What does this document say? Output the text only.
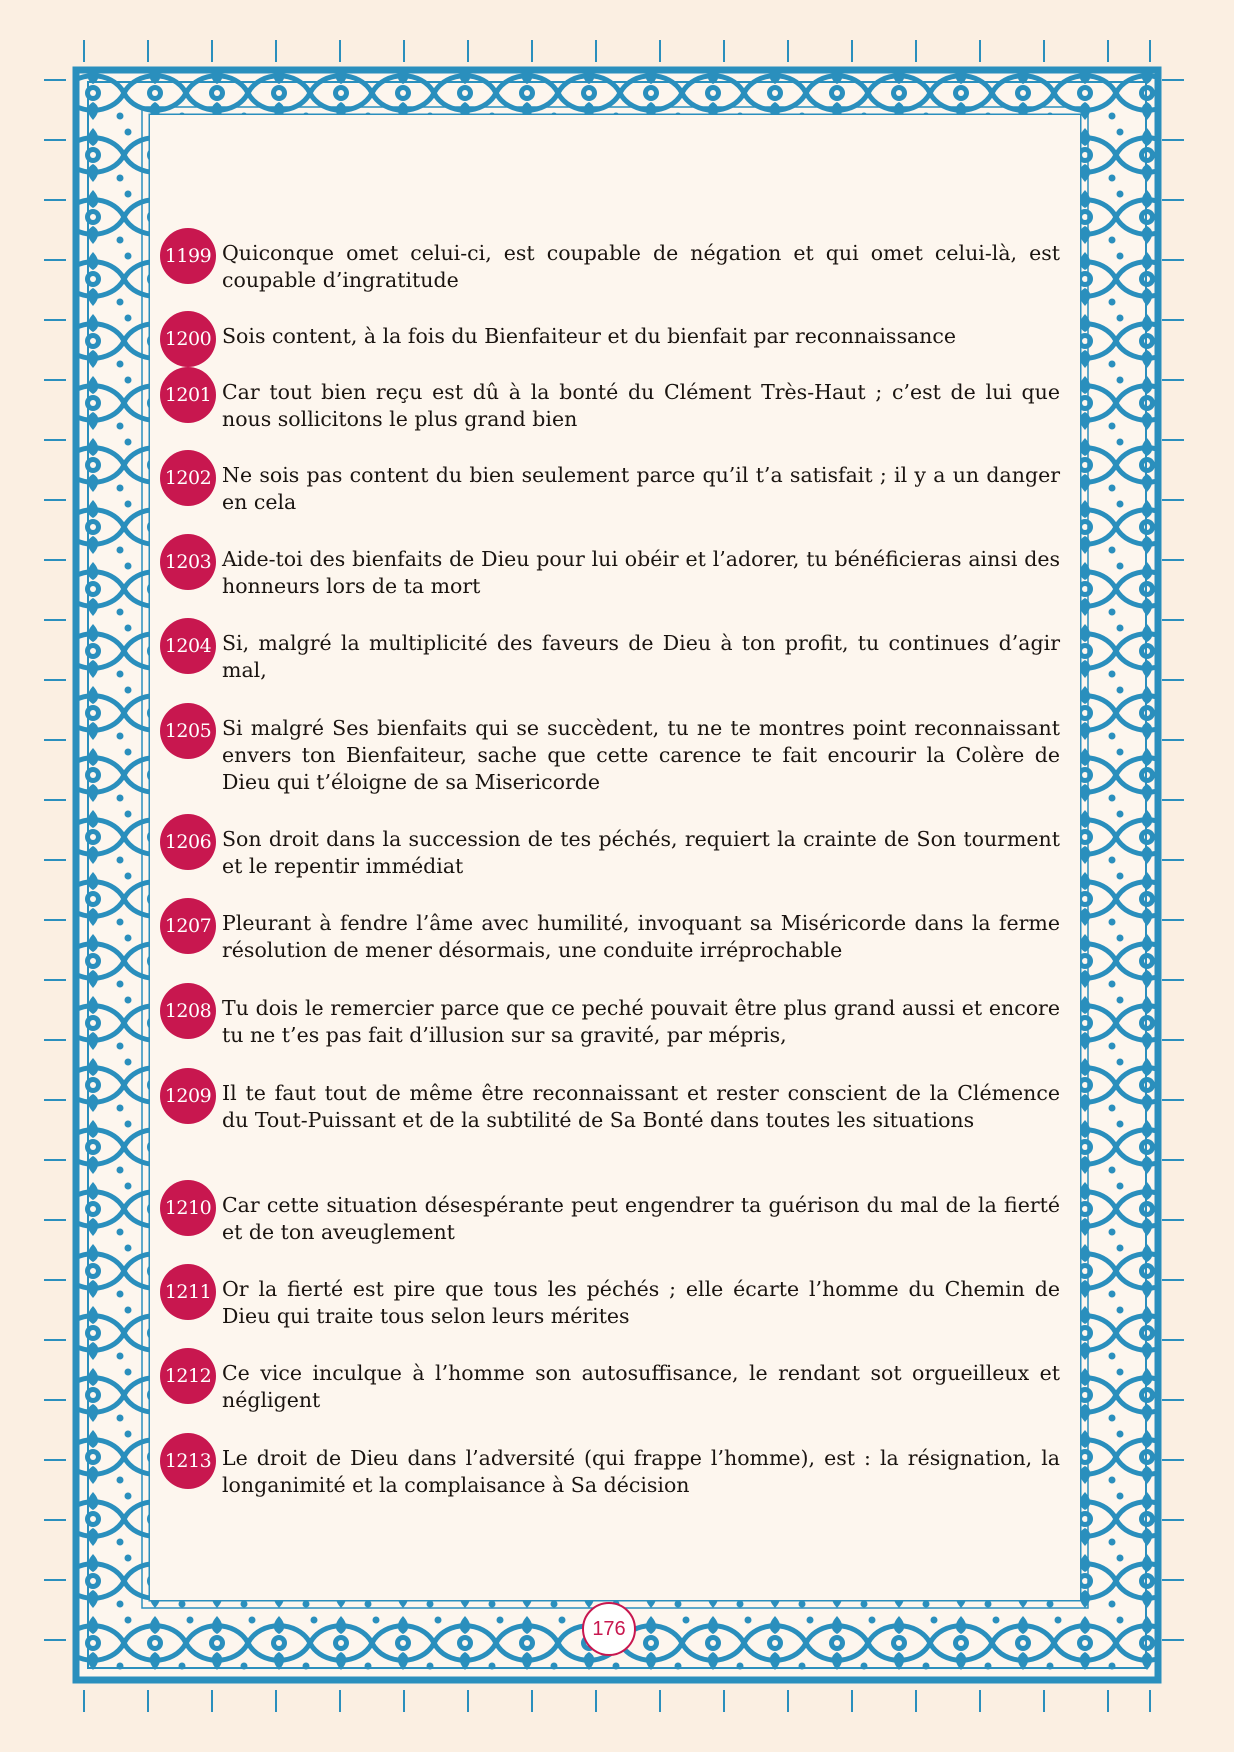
1199 Quiconque omet celui-ci, est coupable de négation et qui omet celui-là, est coupable d’ingratitude
1200 Sois content, à la fois du Bienfaiteur et du bienfait par reconnaissance
1201 Car tout bien reçu est dû à la bonté du Clément Très-Haut ; c’est de lui que nous sollicitons le plus grand bien
1202 Ne sois pas content du bien seulement parce qu’il t’a satisfait ; il y a un danger en cela
1203 Aide-toi des bienfaits de Dieu pour lui obéir et l’adorer, tu bénéficieras ainsi des honneurs lors de ta mort
1204 Si, malgré la multiplicité des faveurs de Dieu à ton profit, tu continues d’agir mal,
1205 Si malgré Ses bienfaits qui se succèdent, tu ne te montres point reconnaissant envers ton Bienfaiteur, sache que cette carence te fait encourir la Colère de Dieu qui t’éloigne de sa Misericorde
1206 Son droit dans la succession de tes péchés, requiert la crainte de Son tourment et le repentir immédiat
1207 Pleurant à fendre l’âme avec humilité, invoquant sa Miséricorde dans la ferme résolution de mener désormais, une conduite irréprochable
1208 Tu dois le remercier parce que ce peché pouvait être plus grand aussi et encore tu ne t’es pas fait d’illusion sur sa gravité, par mépris,
1209 Il te faut tout de même être reconnaissant et rester conscient de la Clémence du Tout-Puissant et de la subtilité de Sa Bonté dans toutes les situations
1210 Car cette situation désespérante peut engendrer ta guérison du mal de la fierté et de ton aveuglement
1211 Or la fierté est pire que tous les péchés ; elle écarte l’homme du Chemin de Dieu qui traite tous selon leurs mérites
1212 Ce vice inculque à l’homme son autosuffisance, le rendant sot orgueilleux et négligent
1213 Le droit de Dieu dans l’adversité (qui frappe l’homme), est : la résignation, la longanimité et la complaisance à Sa décision
176
